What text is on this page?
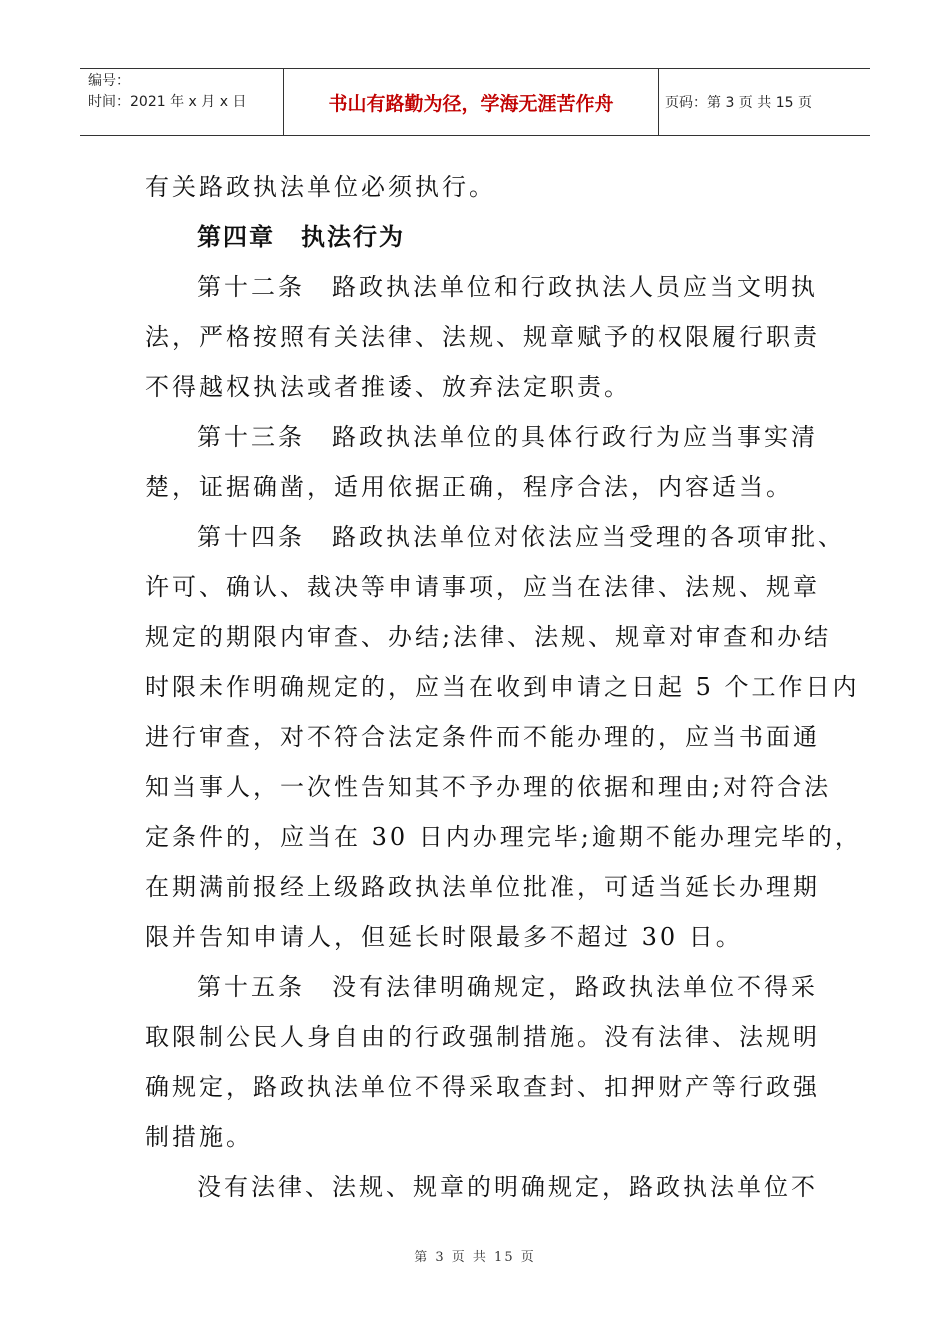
编号：
时间：2021 年 x 月 x 日	书山有路勤为径，学海无涯苦作舟	页码：第 3 页 共 15 页
有关路政执法单位必须执行。
第四章　执法行为
第十二条　路政执法单位和行政执法人员应当文明执
法，严格按照有关法律、法规、规章赋予的权限履行职责
不得越权执法或者推诿、放弃法定职责。
第十三条　路政执法单位的具体行政行为应当事实清
楚，证据确凿，适用依据正确，程序合法，内容适当。
第十四条　路政执法单位对依法应当受理的各项审批、
许可、确认、裁决等申请事项，应当在法律、法规、规章
规定的期限内审查、办结;法律、法规、规章对审查和办结
时限未作明确规定的，应当在收到申请之日起 5 个工作日内
进行审查，对不符合法定条件而不能办理的，应当书面通
知当事人，一次性告知其不予办理的依据和理由;对符合法
定条件的，应当在 30 日内办理完毕;逾期不能办理完毕的，
在期满前报经上级路政执法单位批准，可适当延长办理期
限并告知申请人，但延长时限最多不超过 30 日。
第十五条　没有法律明确规定，路政执法单位不得采
取限制公民人身自由的行政强制措施。没有法律、法规明
确规定，路政执法单位不得采取查封、扣押财产等行政强
制措施。
没有法律、法规、规章的明确规定，路政执法单位不
第 3 页 共 15 页
